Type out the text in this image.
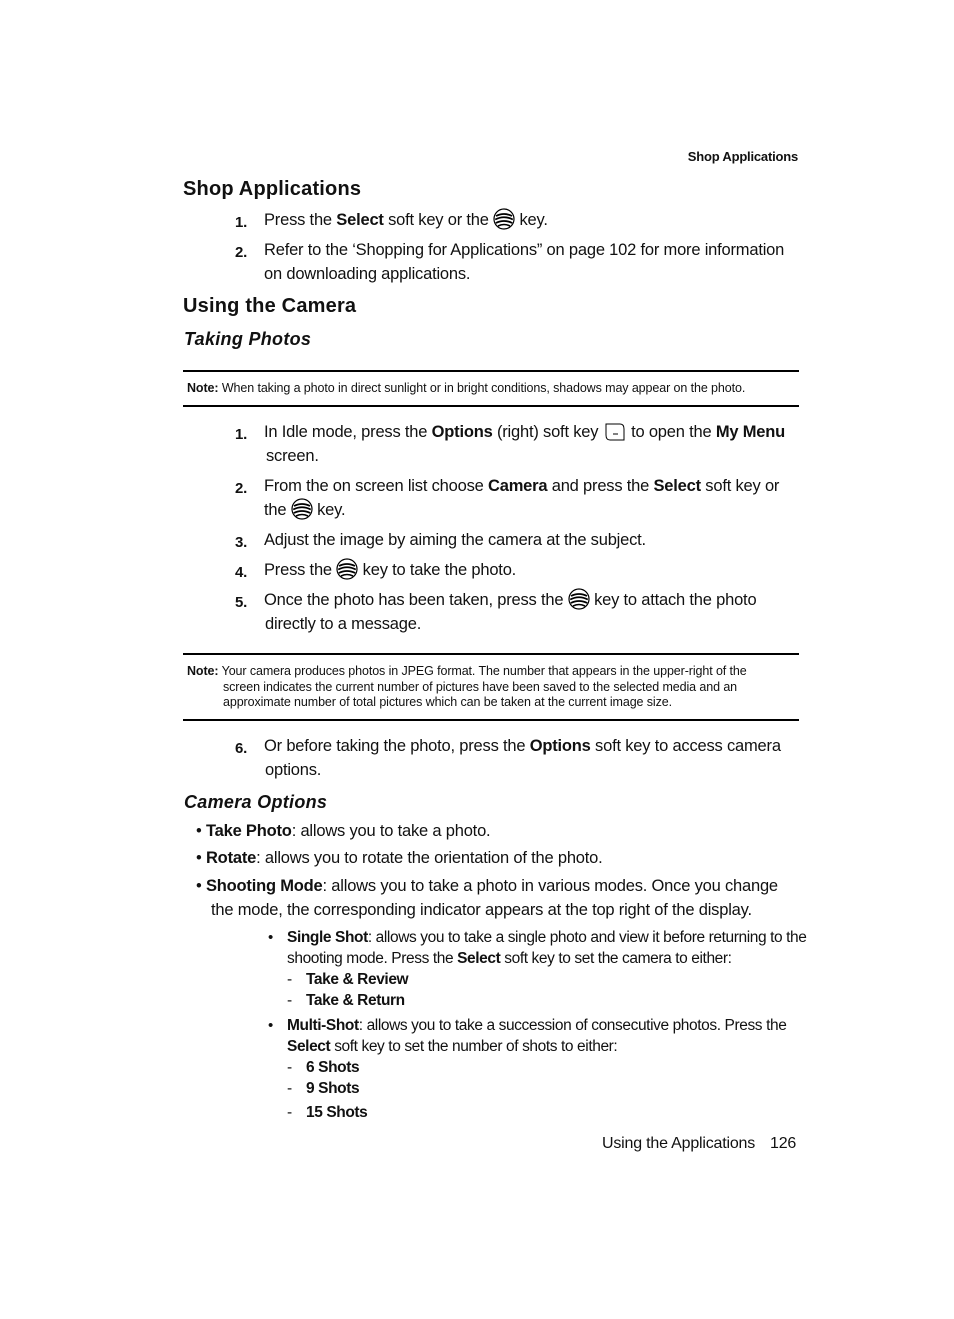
Shop Applications
Shop Applications
1. Press the Select soft key or the  key.
2. Refer to the ‘Shopping for Applications” on page 102 for more information
on downloading applications.
Using the Camera
Taking Photos
Note: When taking a photo in direct sunlight or in bright conditions, shadows may appear on the photo.
1. In Idle mode, press the Options (right) soft key  to open the My Menu
screen.
2. From the on screen list choose Camera and press the Select soft key or
the  key.
3. Adjust the image by aiming the camera at the subject.
4. Press the  key to take the photo.
5. Once the photo has been taken, press the  key to attach the photo
directly to a message.
Note: Your camera produces photos in JPEG format. The number that appears in the upper-right of the
screen indicates the current number of pictures have been saved to the selected media and an
approximate number of total pictures which can be taken at the current image size.
6. Or before taking the photo, press the Options soft key to access camera
options.
Camera Options
• Take Photo: allows you to take a photo.
• Rotate: allows you to rotate the orientation of the photo.
• Shooting Mode: allows you to take a photo in various modes. Once you change
the mode, the corresponding indicator appears at the top right of the display.
• Single Shot: allows you to take a single photo and view it before returning to the
shooting mode. Press the Select soft key to set the camera to either:
- Take & Review
- Take & Return
• Multi-Shot: allows you to take a succession of consecutive photos. Press the
Select soft key to set the number of shots to either:
- 6 Shots
- 9 Shots
- 15 Shots
Using the Applications 126
